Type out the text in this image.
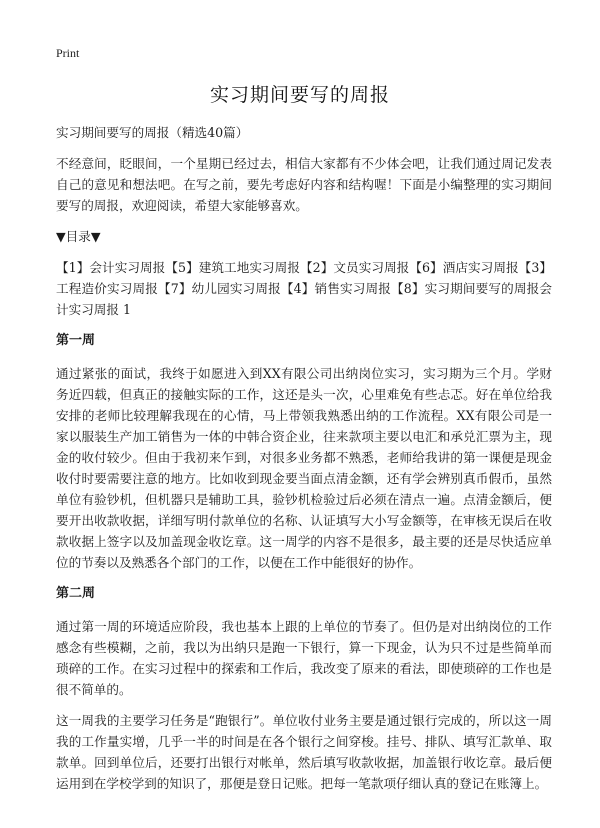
Print
实习期间要写的周报

实习期间要写的周报（精选40篇）

不经意间，眨眼间，一个星期已经过去，相信大家都有不少体会吧，让我们通过周记发表自己的意见和想法吧。在写之前，要先考虑好内容和结构喔！下面是小编整理的实习期间要写的周报，欢迎阅读，希望大家能够喜欢。

▼目录▼

【1】会计实习周报【5】建筑工地实习周报【2】文员实习周报【6】酒店实习周报【3】工程造价实习周报【7】幼儿园实习周报【4】销售实习周报【8】实习期间要写的周报会计实习周报 1

第一周

通过紧张的面试，我终于如愿进入到XX有限公司出纳岗位实习，实习期为三个月。学财务近四载，但真正的接触实际的工作，这还是头一次，心里难免有些忐忑。好在单位给我安排的老师比较理解我现在的心情，马上带领我熟悉出纳的工作流程。XX有限公司是一家以服装生产加工销售为一体的中韩合资企业，往来款项主要以电汇和承兑汇票为主，现金的收付较少。但由于我初来乍到，对很多业务都不熟悉，老师给我讲的第一课便是现金收付时要需要注意的地方。比如收到现金要当面点清金额，还有学会辨别真币假币，虽然单位有验钞机，但机器只是辅助工具，验钞机检验过后必须在清点一遍。点清金额后，便要开出收款收据，详细写明付款单位的名称、认证填写大小写金额等，在审核无误后在收款收据上签字以及加盖现金收讫章。这一周学的内容不是很多，最主要的还是尽快适应单位的节奏以及熟悉各个部门的工作，以便在工作中能很好的协作。

第二周

通过第一周的环境适应阶段，我也基本上跟的上单位的节奏了。但仍是对出纳岗位的工作感念有些模糊，之前，我以为出纳只是跑一下银行，算一下现金，认为只不过是些简单而琐碎的工作。在实习过程中的探索和工作后，我改变了原来的看法，即使琐碎的工作也是很不简单的。

这一周我的主要学习任务是“跑银行”。单位收付业务主要是通过银行完成的，所以这一周我的工作量实增，几乎一半的时间是在各个银行之间穿梭。挂号、排队、填写汇款单、取款单。回到单位后，还要打出银行对帐单，然后填写收款收据，加盖银行收讫章。最后便运用到在学校学到的知识了，那便是登日记账。把每一笔款项仔细认真的登记在账簿上。
